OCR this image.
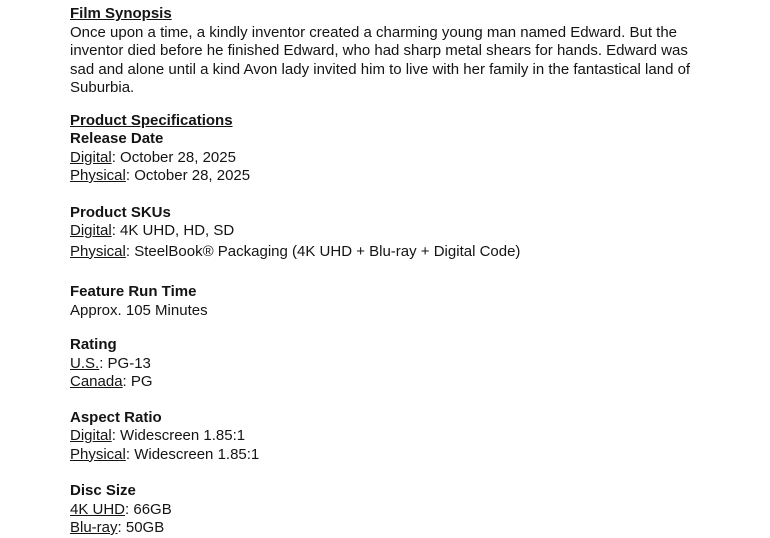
Film Synopsis

Once upon a time, a kindly inventor created a charming young man named Edward. But the inventor died before he finished Edward, who had sharp metal shears for hands. Edward was sad and alone until a kind Avon lady invited him to live with her family in the fantastical land of Suburbia.

Product Specifications
Release Date
Digital: October 28, 2025
Physical: October 28, 2025
Product SKUs
Digital: 4K UHD, HD, SD
Physical: SteelBook® Packaging (4K UHD + Blu-ray + Digital Code)
Feature Run Time
Approx. 105 Minutes
Rating
U.S.: PG-13
Canada: PG
Aspect Ratio
Digital: Widescreen 1.85:1
Physical: Widescreen 1.85:1
Disc Size
4K UHD: 66GB
Blu-ray: 50GB
